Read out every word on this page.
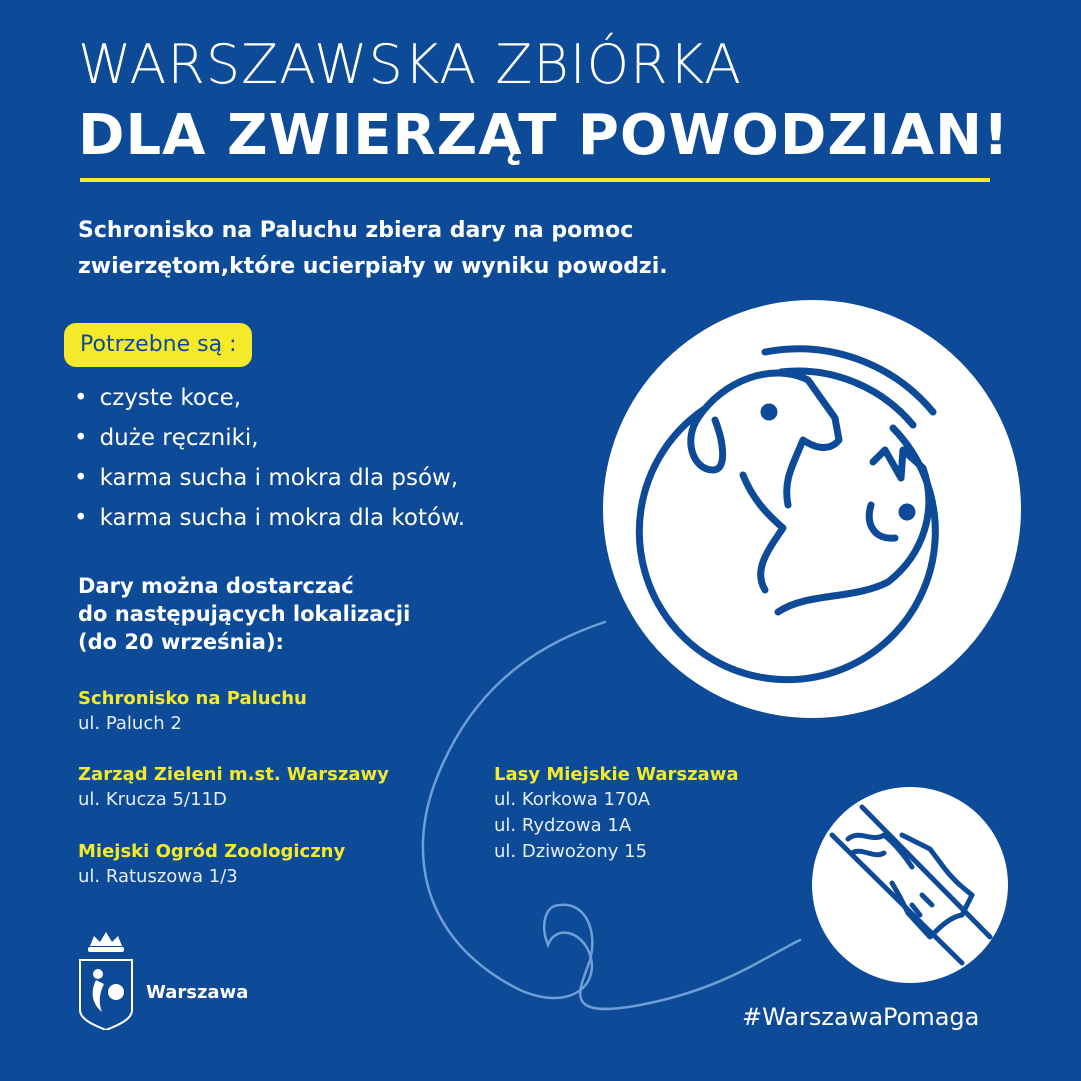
WARSZAWSKA ZBIÓRKA
DLA ZWIERZĄT POWODZIAN!
Schronisko na Paluchu zbiera dary na pomoc
zwierzętom,które ucierpiały w wyniku powodzi.
Potrzebne są :
• czyste koce,
• duże ręczniki,
• karma sucha i mokra dla psów,
• karma sucha i mokra dla kotów.
Dary można dostarczać
do następujących lokalizacji
(do 20 września):
Schronisko na Paluchu
ul. Paluch 2
Zarząd Zieleni m.st. Warszawy
ul. Krucza 5/11D
Miejski Ogród Zoologiczny
ul. Ratuszowa 1/3
Lasy Miejskie Warszawa
ul. Korkowa 170A
ul. Rydzowa 1A
ul. Dziwożony 15
Warszawa
#WarszawaPomaga
